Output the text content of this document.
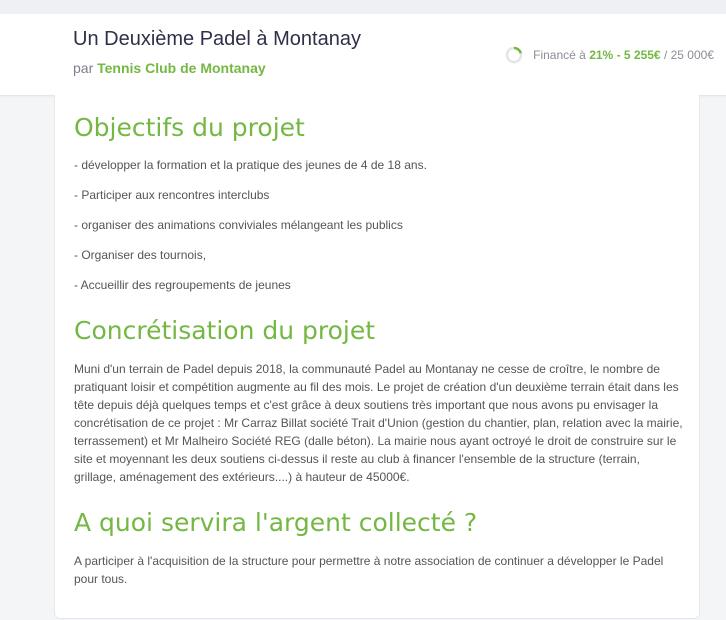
Un Deuxième Padel à Montanay
par Tennis Club de Montanay
Financé à
21%
-
5 255€
/ 25 000€
Objectifs du projet
- développer la formation et la pratique des jeunes de 4 de 18 ans.
- Participer aux rencontres interclubs
- organiser des animations conviviales mélangeant les publics
- Organiser des tournois,
- Accueillir des regroupements de jeunes
Concrétisation du projet
Muni d'un terrain de Padel depuis 2018, la communauté Padel au Montanay ne cesse de croître, le nombre de pratiquant loisir et compétition augmente au fil des mois. Le projet de création d'un deuxième terrain était dans les tête depuis déjà quelques temps et c'est grâce à deux soutiens très important que nous avons pu envisager la concrétisation de ce projet : Mr Carraz Billat société Trait d'Union (gestion du chantier, plan, relation avec la mairie, terrassement) et Mr Malheiro Société REG (dalle béton). La mairie nous ayant octroyé le droit de construire sur le site et moyennant les deux soutiens ci-dessus il reste au club à financer l'ensemble de la structure (terrain, grillage, aménagement des extérieurs....) à hauteur de 45000€.
A quoi servira l'argent collecté ?
A participer à l'acquisition de la structure pour permettre à notre association de continuer a développer le Padel pour tous.
